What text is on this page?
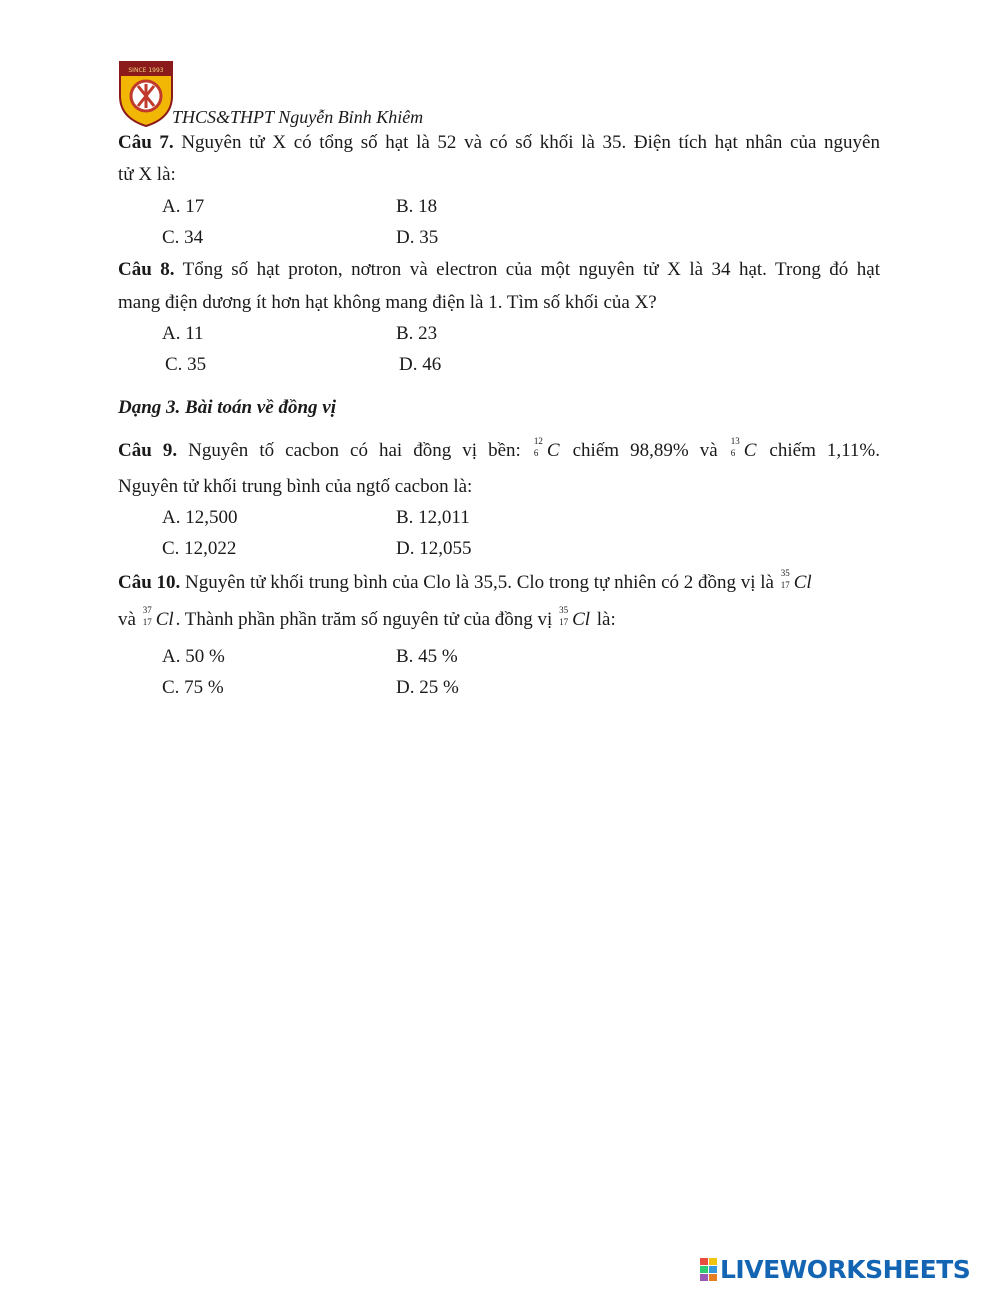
SINCE 1993
THCS&THPT Nguyễn Bỉnh Khiêm
Câu 7. Nguyên tử X có tổng số hạt là 52 và có số khối là 35. Điện tích hạt nhân của nguyên
tử X là:
A. 17	B. 18
C. 34	D. 35
Câu 8. Tổng số hạt proton, nơtron và electron của một nguyên tử X là 34 hạt. Trong đó hạt
mang điện dương ít hơn hạt không mang điện là 1. Tìm số khối của X?
A. 11	B. 23
C. 35	D. 46
Dạng 3. Bài toán về đồng vị
Câu 9. Nguyên tố cacbon có hai đồng vị bền: 12
6 C chiếm 98,89% và 13
6 C chiếm 1,11%.
Nguyên tử khối trung bình của ngtố cacbon là:
A. 12,500	B. 12,011
C. 12,022	D. 12,055
Câu 10. Nguyên tử khối trung bình của Clo là 35,5. Clo trong tự nhiên có 2 đồng vị là 35
17 Cl
và 37
17 Cl . Thành phần phần trăm số nguyên tử của đồng vị 35
17 Cl là:
A. 50 %	B. 45 %
C. 75 %	D. 25 %
LIVEWORKSHEETS
